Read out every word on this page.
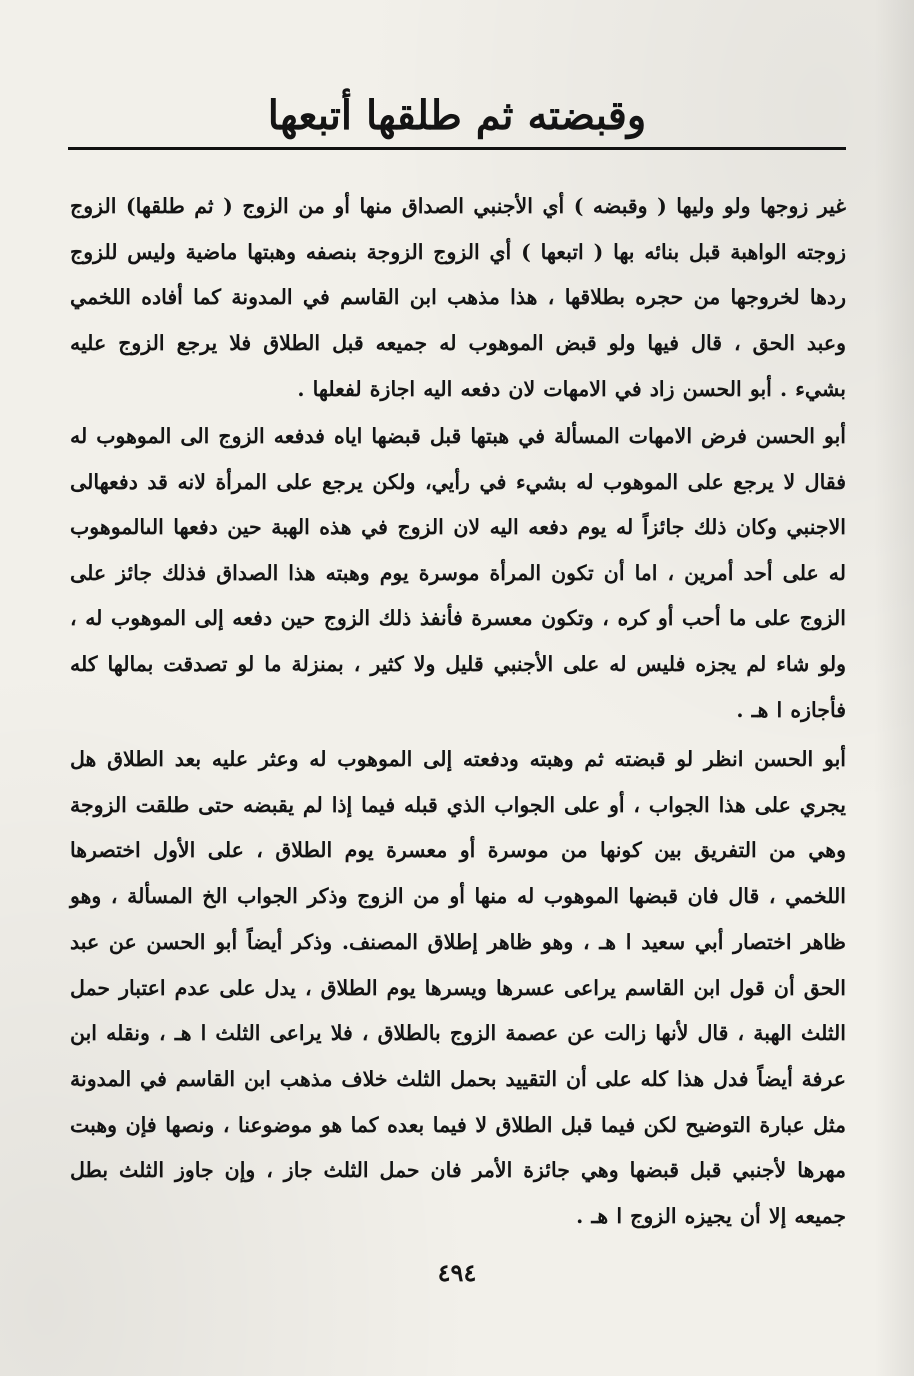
وقبضته ثم طلقها أتبعها

غير زوجها ولو وليها ( وقبضه ) أي الأجنبي الصداق منها أو من الزوج ( ثم طلقها) الزوج زوجته الواهبة قبل بنائه بها ( اتبعها ) أي الزوج الزوجة بنصفه وهبتها ماضية وليس للزوج ردها لخروجها من حجره بطلاقها ، هذا مذهب ابن القاسم في المدونة كما أفاده اللخمي وعبد الحق ، قال فيها ولو قبض الموهوب له جميعه قبل الطلاق فلا يرجع الزوج عليه بشيء . أبو الحسن زاد في الامهات لان دفعه اليه اجازة لفعلها .

أبو الحسن فرض الامهات المسألة في هبتها قبل قبضها اياه فدفعه الزوج الى الموهوب له فقال لا يرجع على الموهوب له بشيء في رأيي، ولكن يرجع على المرأة لانه قد دفعهالى الاجنبي وكان ذلك جائزاً له يوم دفعه اليه لان الزوج في هذه الهبة حين دفعها الىالموهوب له على أحد أمرين ، اما أن تكون المرأة موسرة يوم وهبته هذا الصداق فذلك جائز على الزوج على ما أحب أو كره ، وتكون معسرة فأنفذ ذلك الزوج حين دفعه إلى الموهوب له ، ولو شاء لم يجزه فليس له على الأجنبي قليل ولا كثير ، بمنزلة ما لو تصدقت بمالها كله فأجازه ا هـ .

أبو الحسن انظر لو قبضته ثم وهبته ودفعته إلى الموهوب له وعثر عليه بعد الطلاق هل يجري على هذا الجواب ، أو على الجواب الذي قبله فيما إذا لم يقبضه حتى طلقت الزوجة وهي من التفريق بين كونها من موسرة أو معسرة يوم الطلاق ، على الأول اختصرها اللخمي ، قال فان قبضها الموهوب له منها أو من الزوج وذكر الجواب الخ المسألة ، وهو ظاهر اختصار أبي سعيد ا هـ ، وهو ظاهر إطلاق المصنف. وذكر أيضاً أبو الحسن عن عبد الحق أن قول ابن القاسم يراعى عسرها ويسرها يوم الطلاق ، يدل على عدم اعتبار حمل الثلث الهبة ، قال لأنها زالت عن عصمة الزوج بالطلاق ، فلا يراعى الثلث ا هـ ، ونقله ابن عرفة أيضاً فدل هذا كله على أن التقييد بحمل الثلث خلاف مذهب ابن القاسم في المدونة مثل عبارة التوضيح لكن فيما قبل الطلاق لا فيما بعده كما هو موضوعنا ، ونصها فإن وهبت مهرها لأجنبي قبل قبضها وهي جائزة الأمر فان حمل الثلث جاز ، وإن جاوز الثلث بطل جميعه إلا أن يجيزه الزوج ا هـ .

٤٩٤
